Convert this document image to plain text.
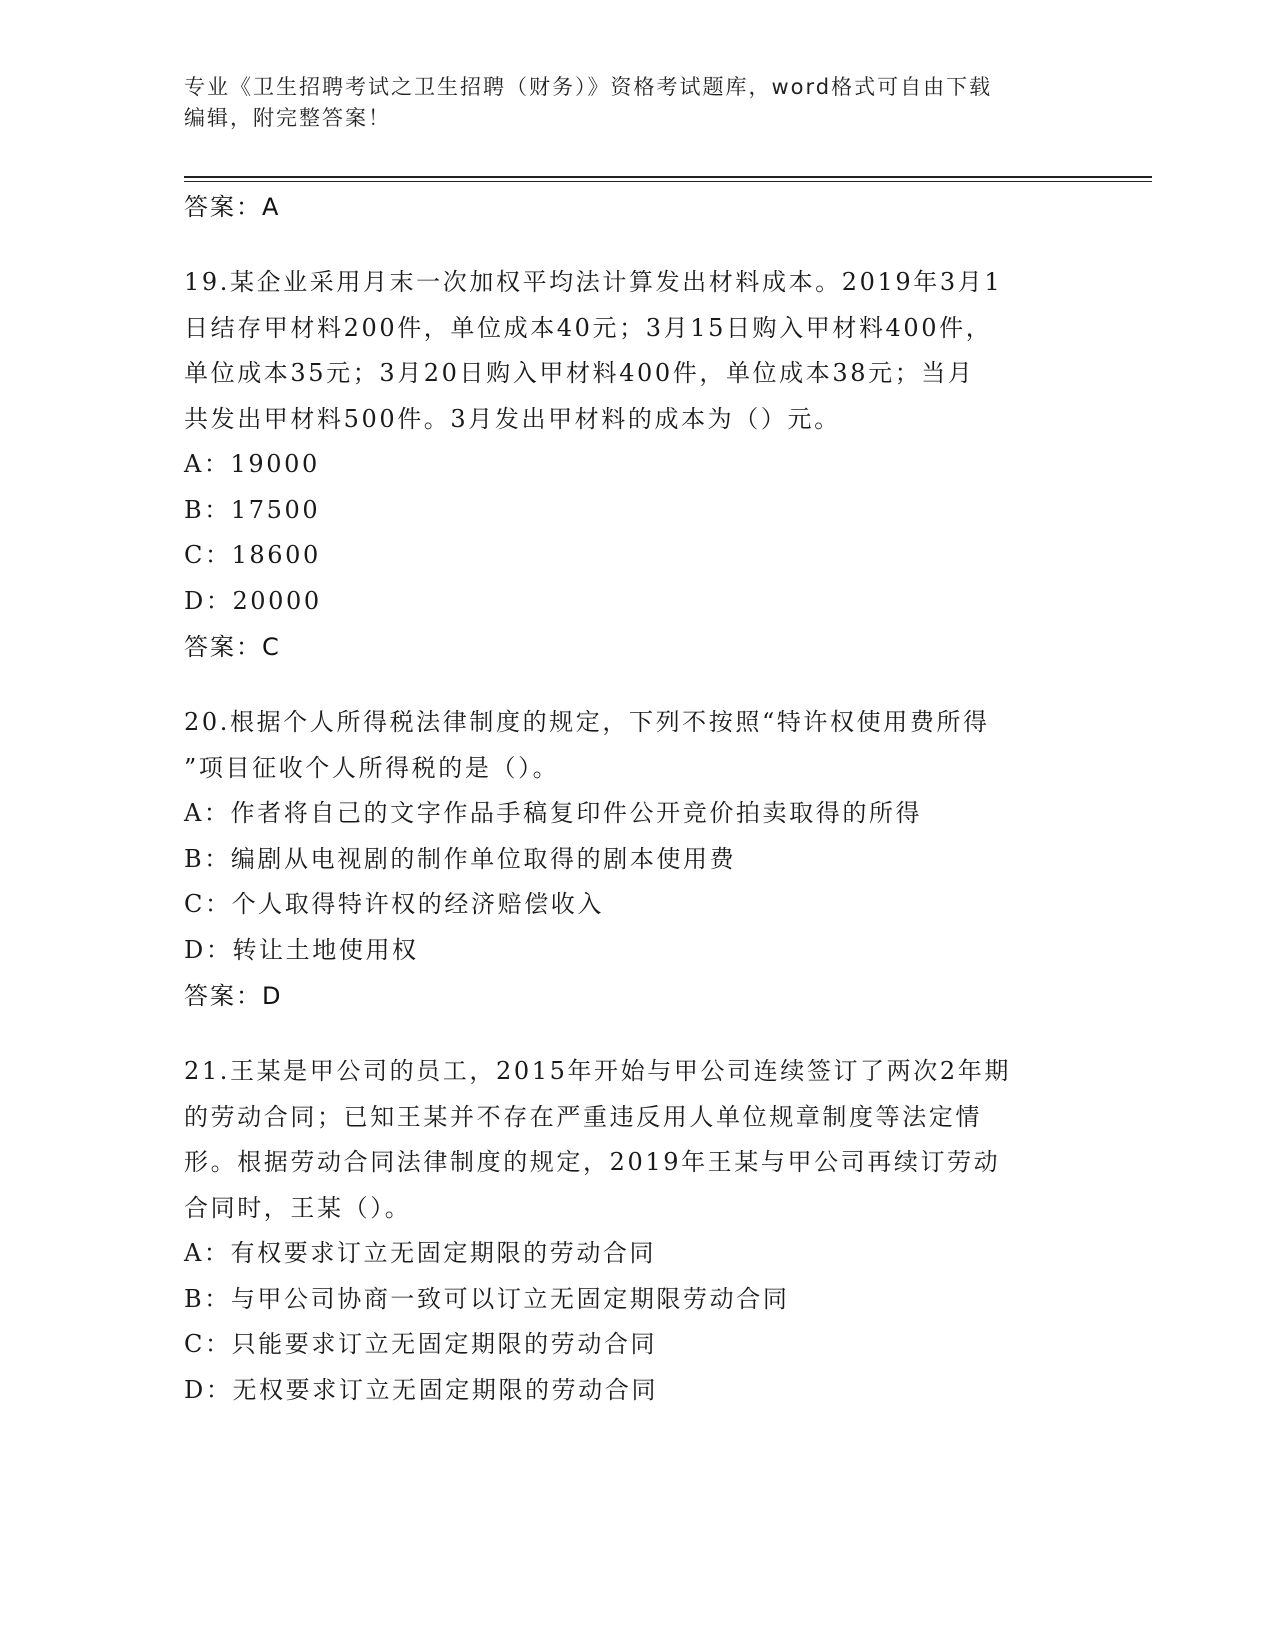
专业《卫生招聘考试之卫生招聘（财务）》资格考试题库，word格式可自由下载
编辑，附完整答案！
答案：A
19.某企业采用月末一次加权平均法计算发出材料成本。2019年3月1
日结存甲材料200件，单位成本40元；3月15日购入甲材料400件，
单位成本35元；3月20日购入甲材料400件，单位成本38元；当月
共发出甲材料500件。3月发出甲材料的成本为（）元。
A：19000
B：17500
C：18600
D：20000
答案：C
20.根据个人所得税法律制度的规定，下列不按照“特许权使用费所得
”项目征收个人所得税的是（）。
A：作者将自己的文字作品手稿复印件公开竞价拍卖取得的所得
B：编剧从电视剧的制作单位取得的剧本使用费
C：个人取得特许权的经济赔偿收入
D：转让土地使用权
答案：D
21.王某是甲公司的员工，2015年开始与甲公司连续签订了两次2年期
的劳动合同；已知王某并不存在严重违反用人单位规章制度等法定情
形。根据劳动合同法律制度的规定，2019年王某与甲公司再续订劳动
合同时，王某（）。
A：有权要求订立无固定期限的劳动合同
B：与甲公司协商一致可以订立无固定期限劳动合同
C：只能要求订立无固定期限的劳动合同
D：无权要求订立无固定期限的劳动合同
